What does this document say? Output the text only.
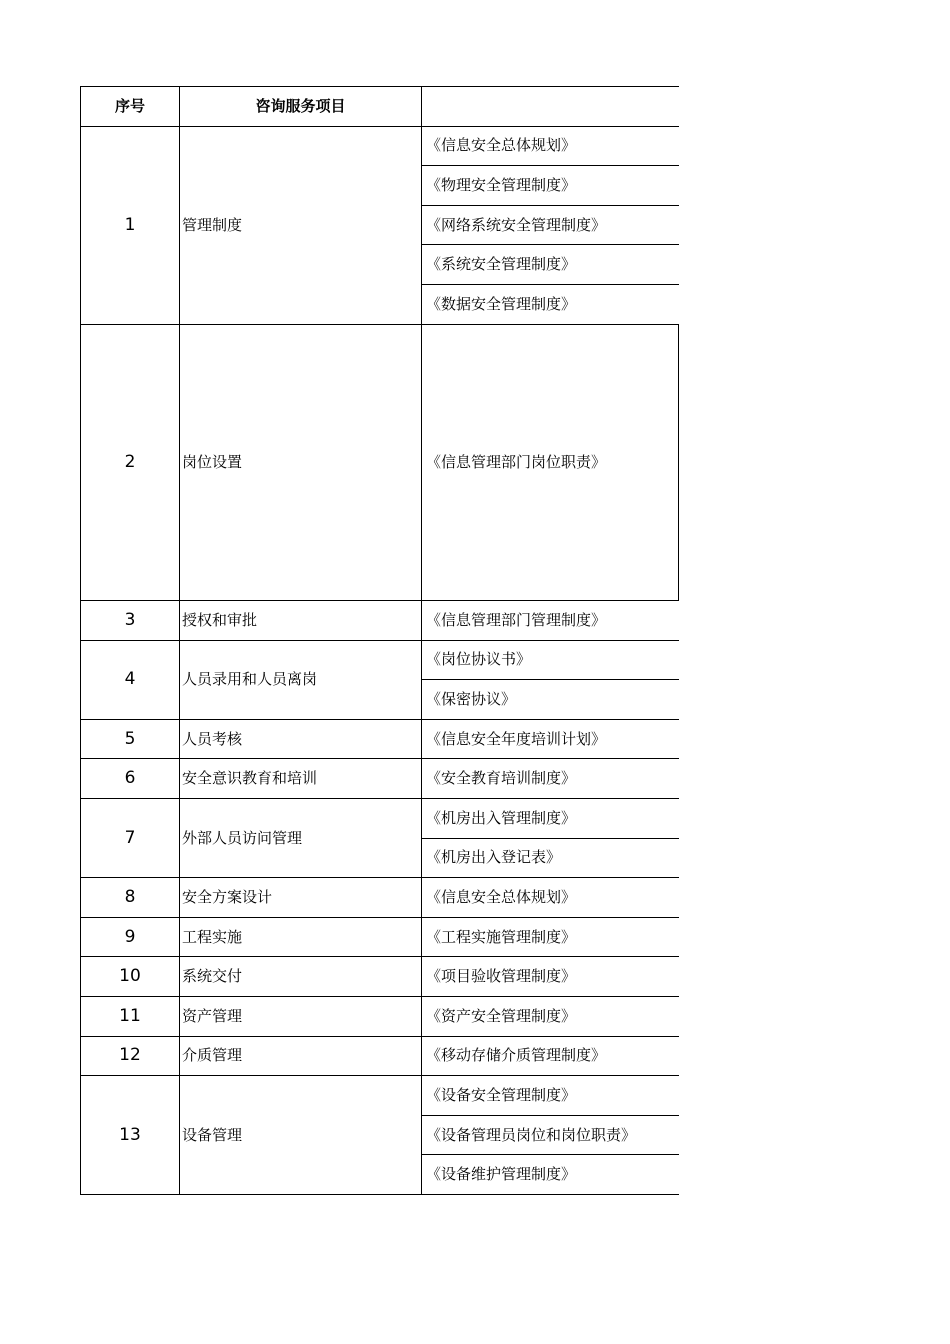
序号	咨询服务项目	
1	管理制度	《信息安全总体规划》
		《物理安全管理制度》
		《网络系统安全管理制度》
		《系统安全管理制度》
		《数据安全管理制度》
2	岗位设置	《信息管理部门岗位职责》

3	授权和审批	《信息管理部门管理制度》
4	人员录用和人员离岗	《岗位协议书》
		《保密协议》
5	人员考核	《信息安全年度培训计划》
6	安全意识教育和培训	《安全教育培训制度》
7	外部人员访问管理	《机房出入管理制度》
		《机房出入登记表》
8	安全方案设计	《信息安全总体规划》
9	工程实施	《工程实施管理制度》
10	系统交付	《项目验收管理制度》
11	资产管理	《资产安全管理制度》
12	介质管理	《移动存储介质管理制度》
13	设备管理	《设备安全管理制度》
		《设备管理员岗位和岗位职责》
		《设备维护管理制度》
